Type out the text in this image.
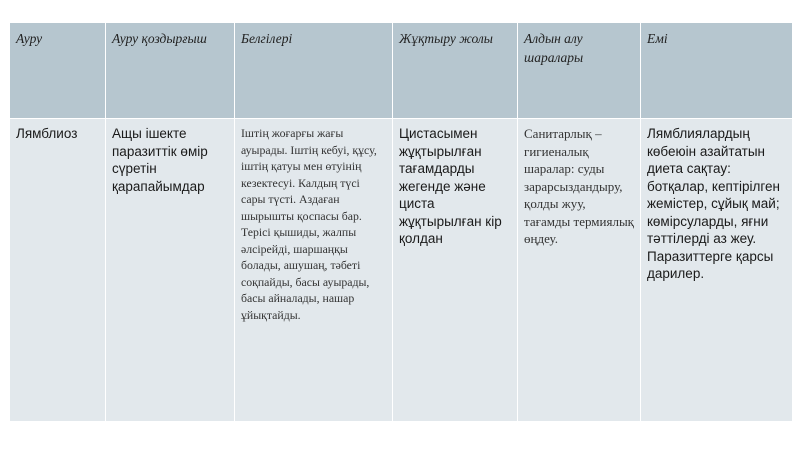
Ауру	Ауру қоздырғыш	Белгілері	Жұқтыру жолы	Алдын алу шаралары	Емі
Лямблиоз	Ащы ішекте паразиттік өмір сүретін қарапайымдар	Іштің жоғарғы жағы ауырады. Іштің кебуі, құсу, іштің қатуы мен өтуінің кезектесуі. Калдың түсі сары түсті. Аздаған шырышты қоспасы бар. Терісі қышиды, жалпы әлсірейді, шаршаңқы болады, ашушаң, тәбеті соқпайды, басы ауырады, басы айналады, нашар ұйықтайды.	Цистасымен жұқтырылған тағамдарды жегенде және циста жұқтырылған кір қолдан	Санитарлық – гигиеналық шаралар: суды зарарсыздандыру, қолды жуу, тағамды термиялық өңдеу.	Лямблиялардың көбеюін азайтатын диета сақтау: ботқалар, кептірілген жемістер, сұйық май; көмірсуларды, яғни тәттілерді аз жеу. Паразиттерге қарсы дарилер.
